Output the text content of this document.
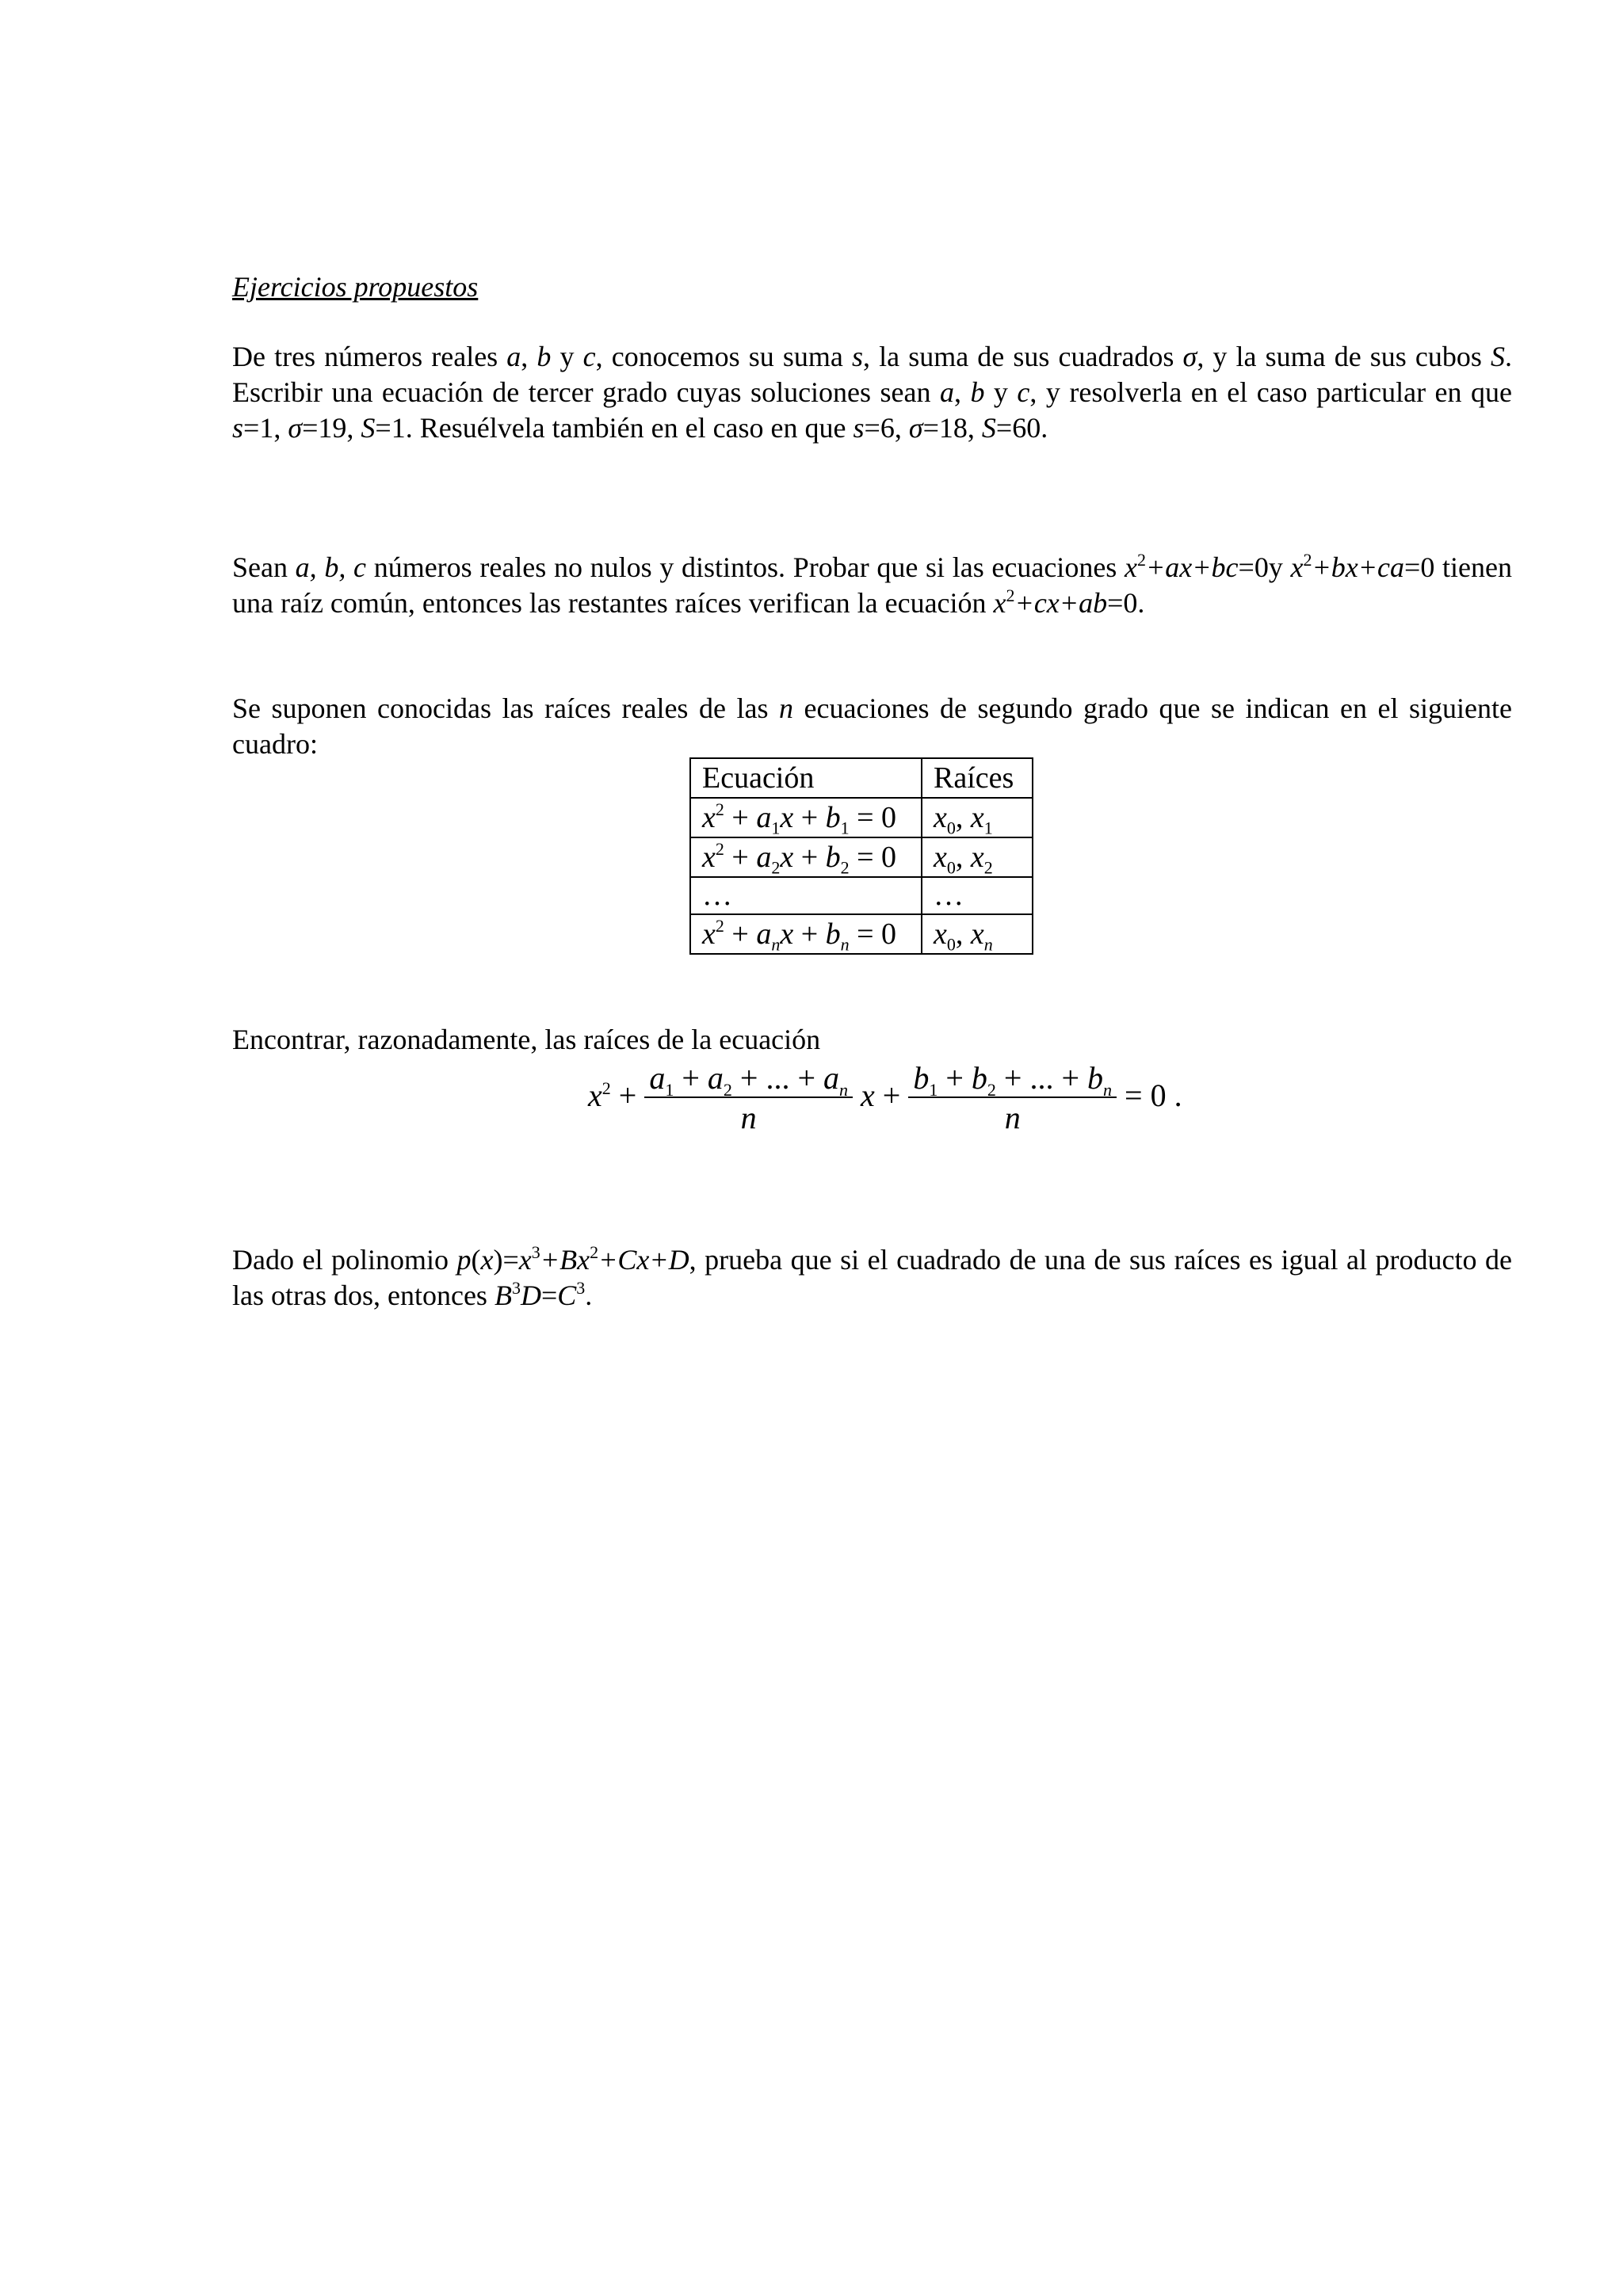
Ejercicios propuestos
De tres números reales a, b y c, conocemos su suma s, la suma de sus cuadrados σ, y la suma de sus cubos S. Escribir una ecuación de tercer grado cuyas soluciones sean a, b y c, y resolverla en el caso particular en que s=1, σ=19, S=1. Resuélvela también en el caso en que s=6, σ=18, S=60.
Sean a, b, c números reales no nulos y distintos. Probar que si las ecuaciones $x^2+ax+bc=0y$ $x^2+bx+ca=0$ tienen una raíz común, entonces las restantes raíces verifican la ecuación $x^2+cx+ab=0$.
Se suponen conocidas las raíces reales de las n ecuaciones de segundo grado que se indican en el siguiente cuadro:
Ecuación	Raíces
$x^2 + a_1x + b_1 = 0$	$x_0$, $x_1$
$x^2 + a_2x + b_2 = 0$	$x_0$, $x_2$
…	…
$x^2 + a_nx + b_n = 0$	$x_0$, $x_n$
Encontrar, razonadamente, las raíces de la ecuación
$x^2 + \frac{a_1 + a_2 + ... + a_n}{n}$ $x + \frac{b_1 + b_2 + ... + b_n}{n} = 0$ .
Dado el polinomio $p(x)=x^3+Bx^2+Cx+D$, prueba que si el cuadrado de una de sus raíces es igual al producto de las otras dos, entonces $B^3D=C^3$.
